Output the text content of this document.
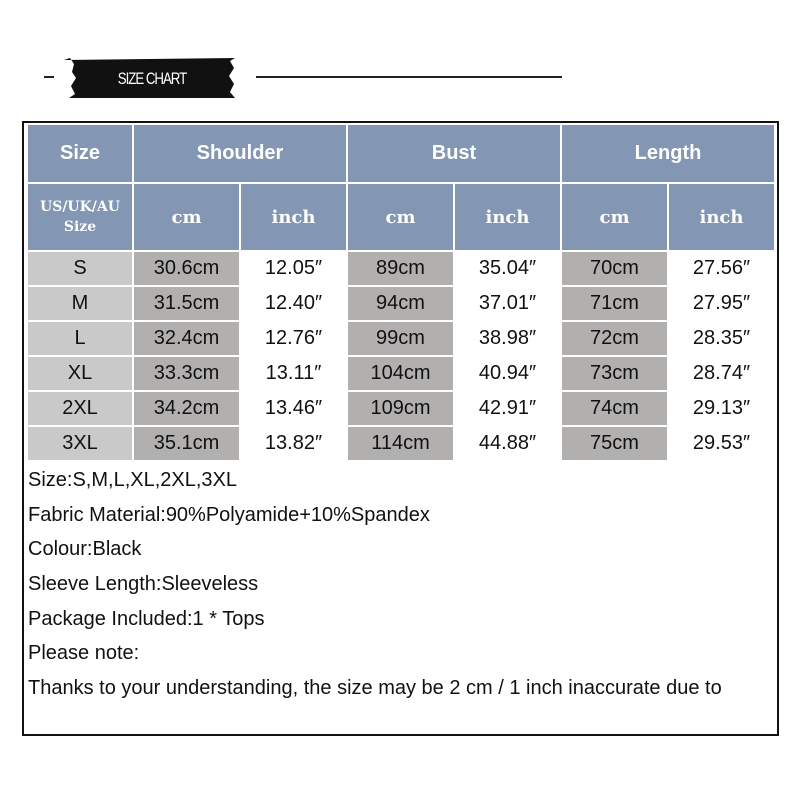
SIZE CHART
Size	Shoulder		Bust		Length	

US/UK/AU
Size	cm	inch	cm	inch	cm	inch
S	30.6cm	12.05″	89cm	35.04″	70cm	27.56″
M	31.5cm	12.40″	94cm	37.01″	71cm	27.95″
L	32.4cm	12.76″	99cm	38.98″	72cm	28.35″
XL	33.3cm	13.11″	104cm	40.94″	73cm	28.74″
2XL	34.2cm	13.46″	109cm	42.91″	74cm	29.13″
3XL	35.1cm	13.82″	114cm	44.88″	75cm	29.53″
Size:S,M,L,XL,2XL,3XL
Fabric Material:90%Polyamide+10%Spandex
Colour:Black
Sleeve Length:Sleeveless
Package Included:1 * Tops
Please note:
Thanks to your understanding, the size may be 2 cm / 1 inch inaccurate due to
